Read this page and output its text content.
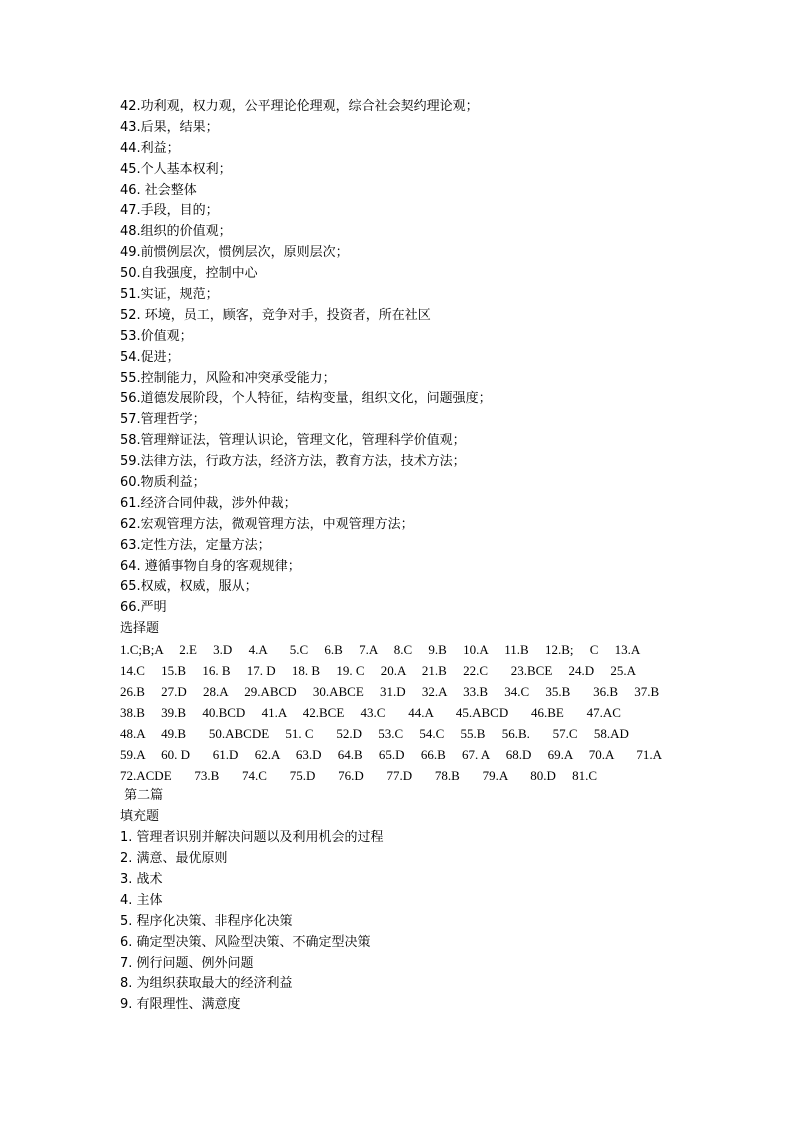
42.功利观，权力观，公平理论伦理观，综合社会契约理论观；
43.后果，结果；
44.利益；
45.个人基本权利；
46. 社会整体
47.手段，目的；
48.组织的价值观；
49.前惯例层次，惯例层次，原则层次；
50.自我强度，控制中心
51.实证，规范；
52. 环境，员工，顾客，竞争对手，投资者，所在社区
53.价值观；
54.促进；
55.控制能力，风险和冲突承受能力；
56.道德发展阶段，个人特征，结构变量，组织文化，问题强度；
57.管理哲学；
58.管理辩证法，管理认识论，管理文化，管理科学价值观；
59.法律方法，行政方法，经济方法，教育方法，技术方法；
60.物质利益；
61.经济合同仲裁，涉外仲裁；
62.宏观管理方法，微观管理方法，中观管理方法；
63.定性方法，定量方法；
64. 遵循事物自身的客观规律；
65.权威，权威，服从；
66.严明
选择题
1.C;B;A     2.E     3.D     4.A       5.C     6.B     7.A     8.C     9.B     10.A     11.B     12.B;     C     13.A
14.C     15.B     16. B     17. D     18. B     19. C     20.A     21.B     22.C       23.BCE     24.D     25.A
26.B     27.D     28.A     29.ABCD     30.ABCE     31.D     32.A     33.B     34.C     35.B       36.B     37.B
38.B     39.B     40.BCD     41.A     42.BCE     43.C       44.A       45.ABCD       46.BE       47.AC
48.A     49.B       50.ABCDE     51. C       52.D     53.C     54.C     55.B     56.B.       57.C     58.AD
59.A     60. D       61.D     62.A     63.D     64.B     65.D     66.B     67. A     68.D     69.A     70.A       71.A
72.ACDE       73.B       74.C       75.D       76.D       77.D       78.B       79.A       80.D     81.C
第二篇
填充题
1. 管理者识别并解决问题以及利用机会的过程
2. 满意、最优原则
3. 战术
4. 主体
5. 程序化决策、非程序化决策
6. 确定型决策、风险型决策、不确定型决策
7. 例行问题、例外问题
8. 为组织获取最大的经济利益
9. 有限理性、满意度
